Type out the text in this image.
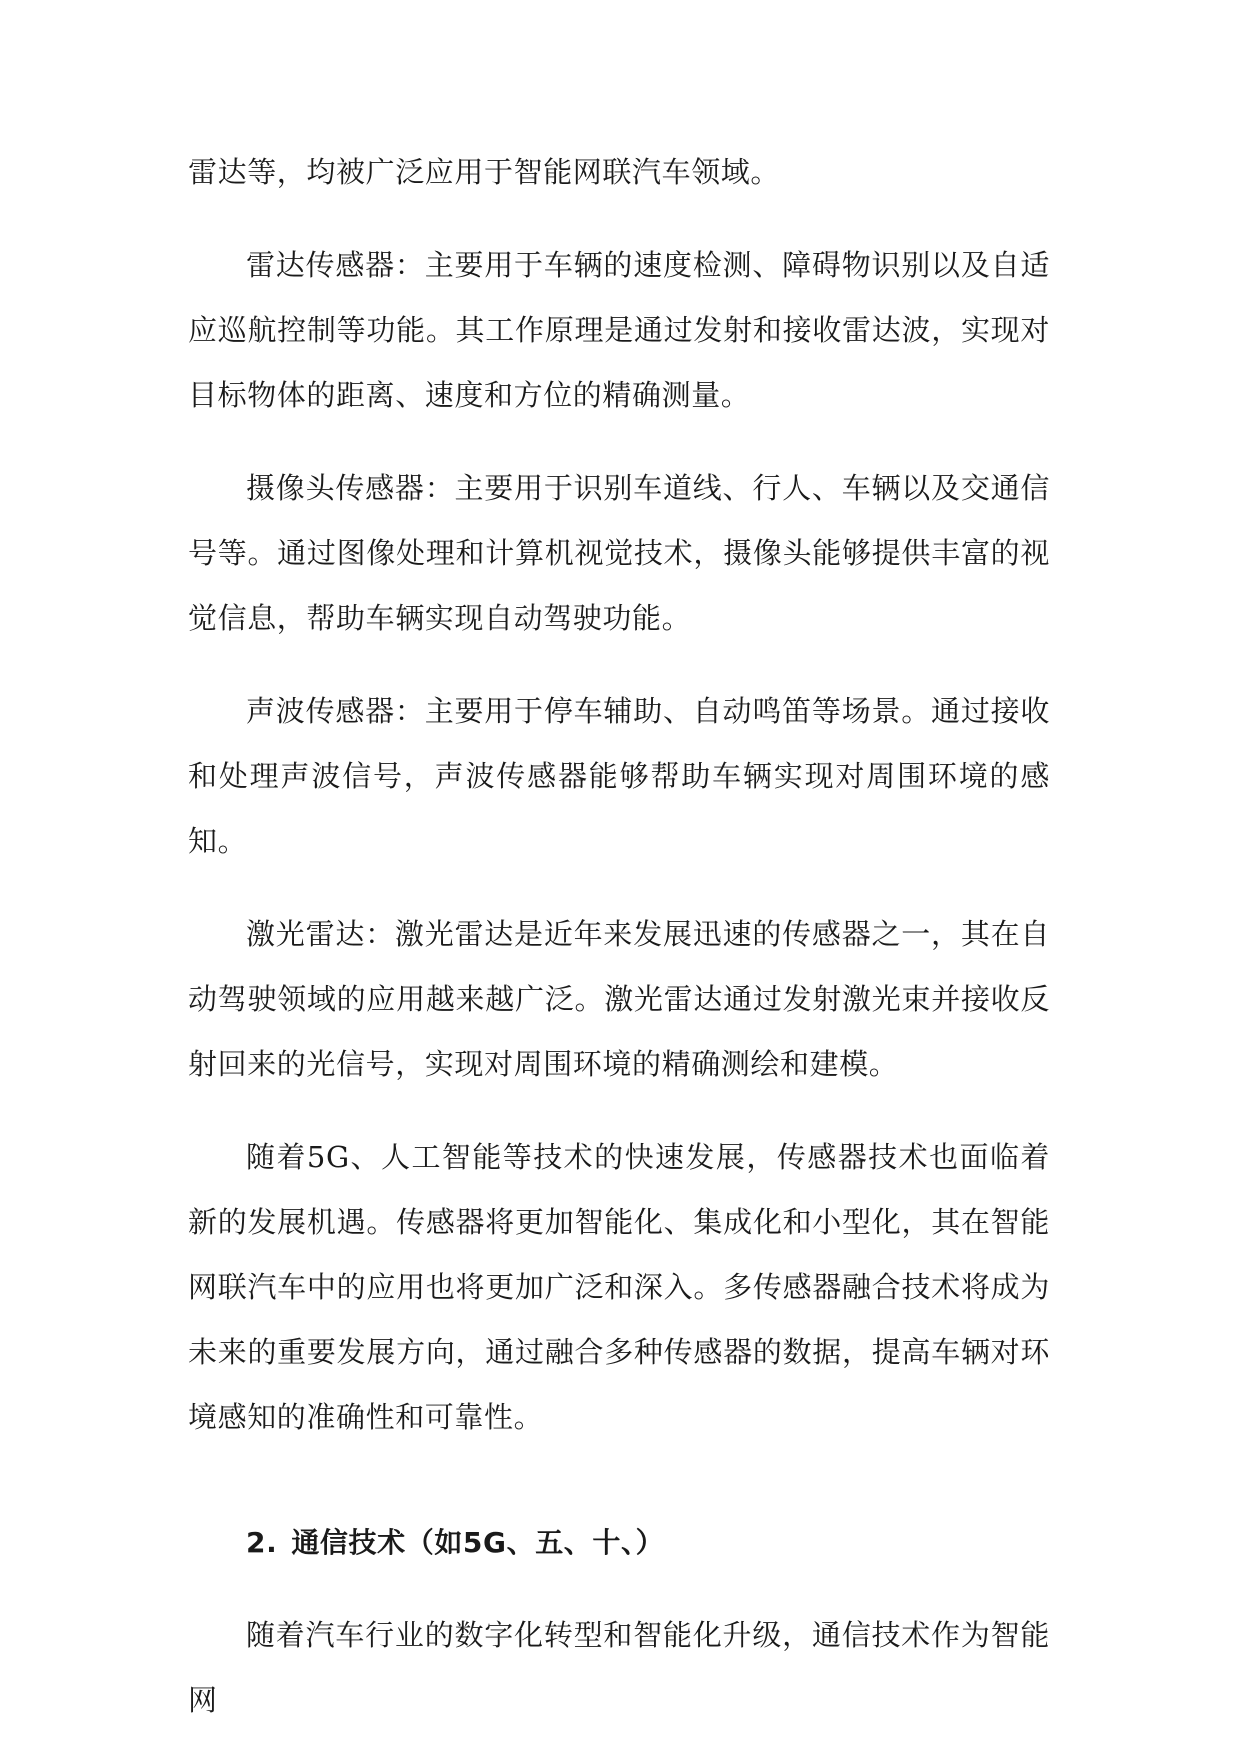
雷达等，均被广泛应用于智能网联汽车领域。

雷达传感器：主要用于车辆的速度检测、障碍物识别以及自适应巡航控制等功能。其工作原理是通过发射和接收雷达波，实现对目标物体的距离、速度和方位的精确测量。

摄像头传感器：主要用于识别车道线、行人、车辆以及交通信号等。通过图像处理和计算机视觉技术，摄像头能够提供丰富的视觉信息，帮助车辆实现自动驾驶功能。

声波传感器：主要用于停车辅助、自动鸣笛等场景。通过接收和处理声波信号，声波传感器能够帮助车辆实现对周围环境的感知。

激光雷达：激光雷达是近年来发展迅速的传感器之一，其在自动驾驶领域的应用越来越广泛。激光雷达通过发射激光束并接收反射回来的光信号，实现对周围环境的精确测绘和建模。

随着5G、人工智能等技术的快速发展，传感器技术也面临着新的发展机遇。传感器将更加智能化、集成化和小型化，其在智能网联汽车中的应用也将更加广泛和深入。多传感器融合技术将成为未来的重要发展方向，通过融合多种传感器的数据，提高车辆对环境感知的准确性和可靠性。

2. 通信技术（如5G、五、十、）

随着汽车行业的数字化转型和智能化升级，通信技术作为智能网
